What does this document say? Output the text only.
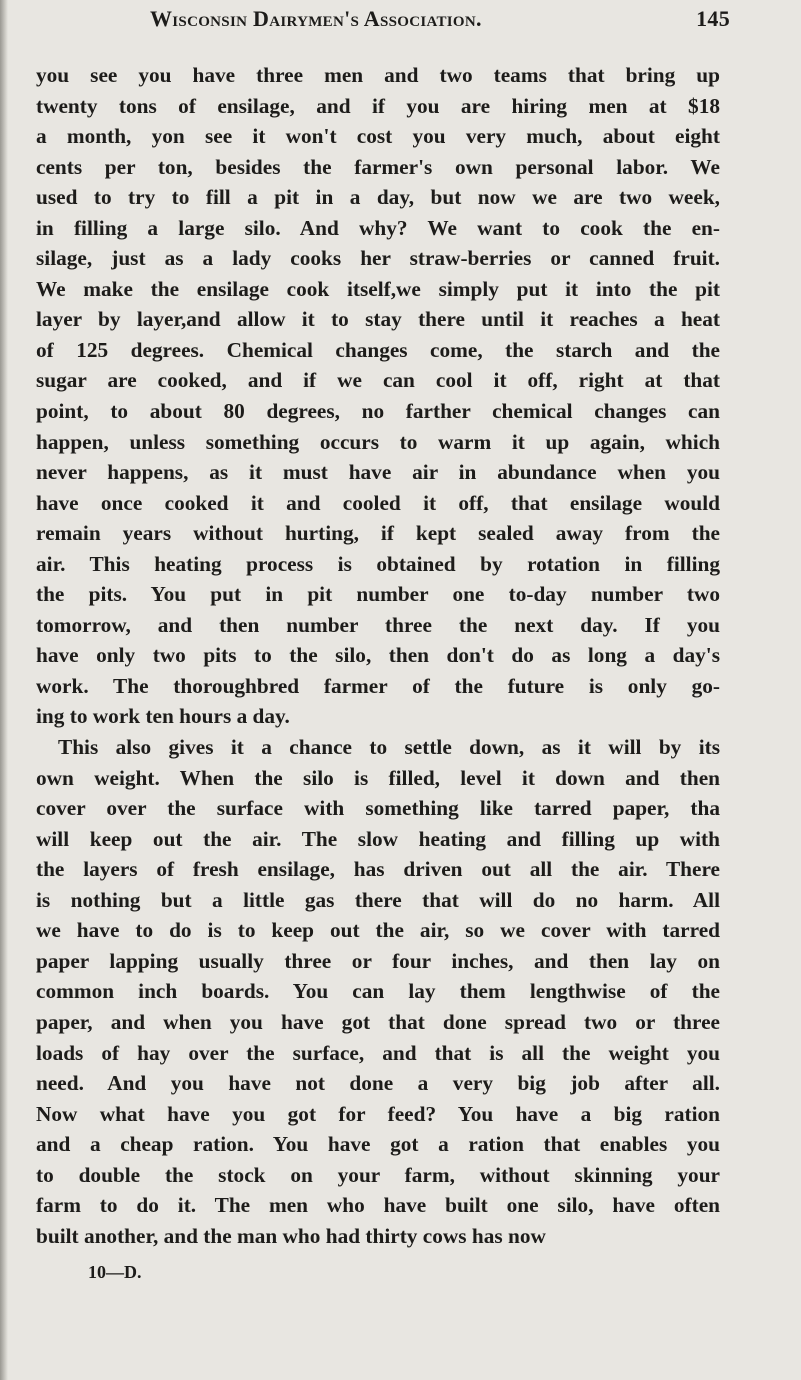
Wisconsin Dairymen's Association.	145
you see you have three men and two teams that bring up
twenty tons of ensilage, and if you are hiring men at $18
a month, yon see it won't cost you very much, about eight
cents per ton, besides the farmer's own personal labor. We
used to try to fill a pit in a day, but now we are two week,
in filling a large silo. And why? We want to cook the en-
silage, just as a lady cooks her straw-berries or canned fruit.
We make the ensilage cook itself,we simply put it into the pit
layer by layer,and allow it to stay there until it reaches a heat
of 125 degrees. Chemical changes come, the starch and the
sugar are cooked, and if we can cool it off, right at that
point, to about 80 degrees, no farther chemical changes can
happen, unless something occurs to warm it up again, which
never happens, as it must have air in abundance when you
have once cooked it and cooled it off, that ensilage would
remain years without hurting, if kept sealed away from the
air. This heating process is obtained by rotation in filling
the pits. You put in pit number one to-day number two
tomorrow, and then number three the next day. If you
have only two pits to the silo, then don't do as long a day's
work. The thoroughbred farmer of the future is only go-
ing to work ten hours a day.
This also gives it a chance to settle down, as it will by its
own weight. When the silo is filled, level it down and then
cover over the surface with something like tarred paper, tha
will keep out the air. The slow heating and filling up with
the layers of fresh ensilage, has driven out all the air. There
is nothing but a little gas there that will do no harm. All
we have to do is to keep out the air, so we cover with tarred
paper lapping usually three or four inches, and then lay on
common inch boards. You can lay them lengthwise of the
paper, and when you have got that done spread two or three
loads of hay over the surface, and that is all the weight you
need. And you have not done a very big job after all.
Now what have you got for feed? You have a big ration
and a cheap ration. You have got a ration that enables you
to double the stock on your farm, without skinning your
farm to do it. The men who have built one silo, have often
built another, and the man who had thirty cows has now
10—D.
